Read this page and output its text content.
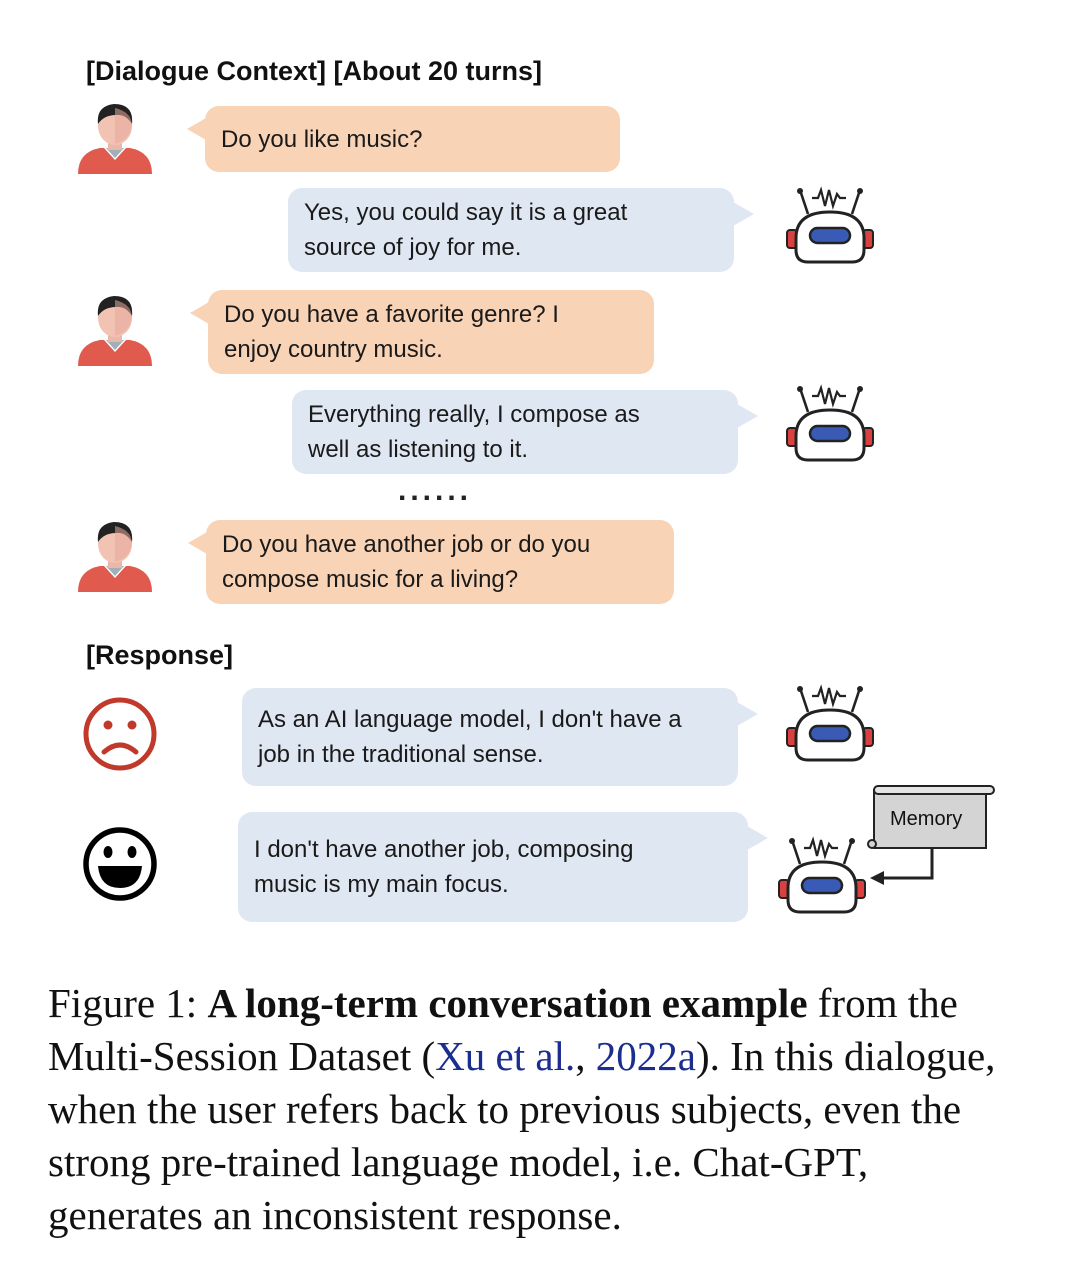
[Dialogue Context] [About 20 turns]
[Response]
Do you like music?
Yes, you could say it is a great
source of joy for me.
Do you have a favorite genre? I
enjoy country music.
Everything really, I compose as
well as listening to it.
......
Do you have another job or do you
compose music for a living?
As an AI language model, I don't have a
job in the traditional sense.
I don't have another job, composing
music is my main focus.
Memory
Figure 1: A long-term conversation example from the Multi-Session Dataset (Xu et al., 2022a). In this dialogue, when the user refers back to previous subjects, even the strong pre-trained language model, i.e. Chat-GPT, generates an inconsistent response.
